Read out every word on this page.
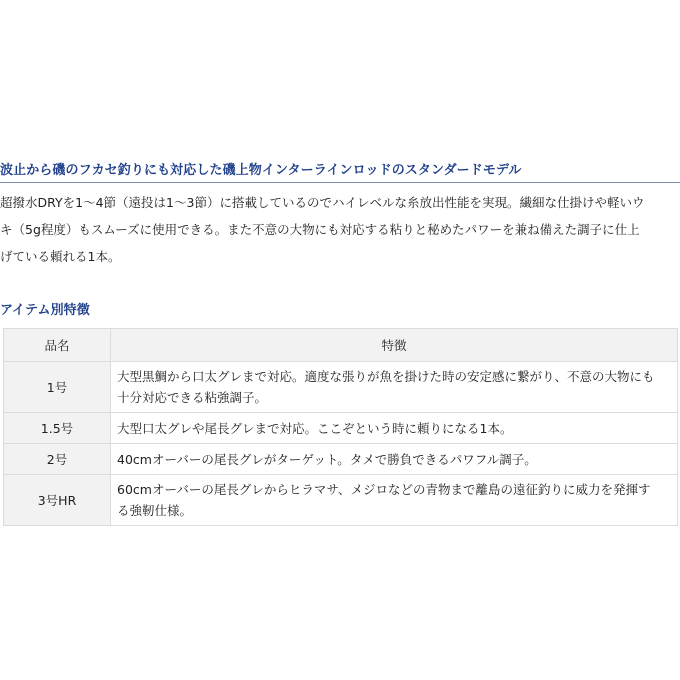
波止から磯のフカセ釣りにも対応した磯上物インターラインロッドのスタンダードモデル

超撥水DRYを1〜4節（遠投は1〜3節）に搭載しているのでハイレベルな糸放出性能を実現。繊細な仕掛けや軽いウ

キ（5g程度）もスムーズに使用できる。また不意の大物にも対応する粘りと秘めたパワーを兼ね備えた調子に仕上

げている頼れる1本。

アイテム別特徴
品名	特徴
1号	大型黒鯛から口太グレまで対応。適度な張りが魚を掛けた時の安定感に繋がり、不意の大物にも
十分対応できる粘強調子。

1.5号	大型口太グレや尾長グレまで対応。ここぞという時に頼りになる1本。

2号	40cmオーバーの尾長グレがターゲット。タメで勝負できるパワフル調子。

3号HR	60cmオーバーの尾長グレからヒラマサ、メジロなどの青物まで離島の遠征釣りに威力を発揮す
る強靭仕様。
